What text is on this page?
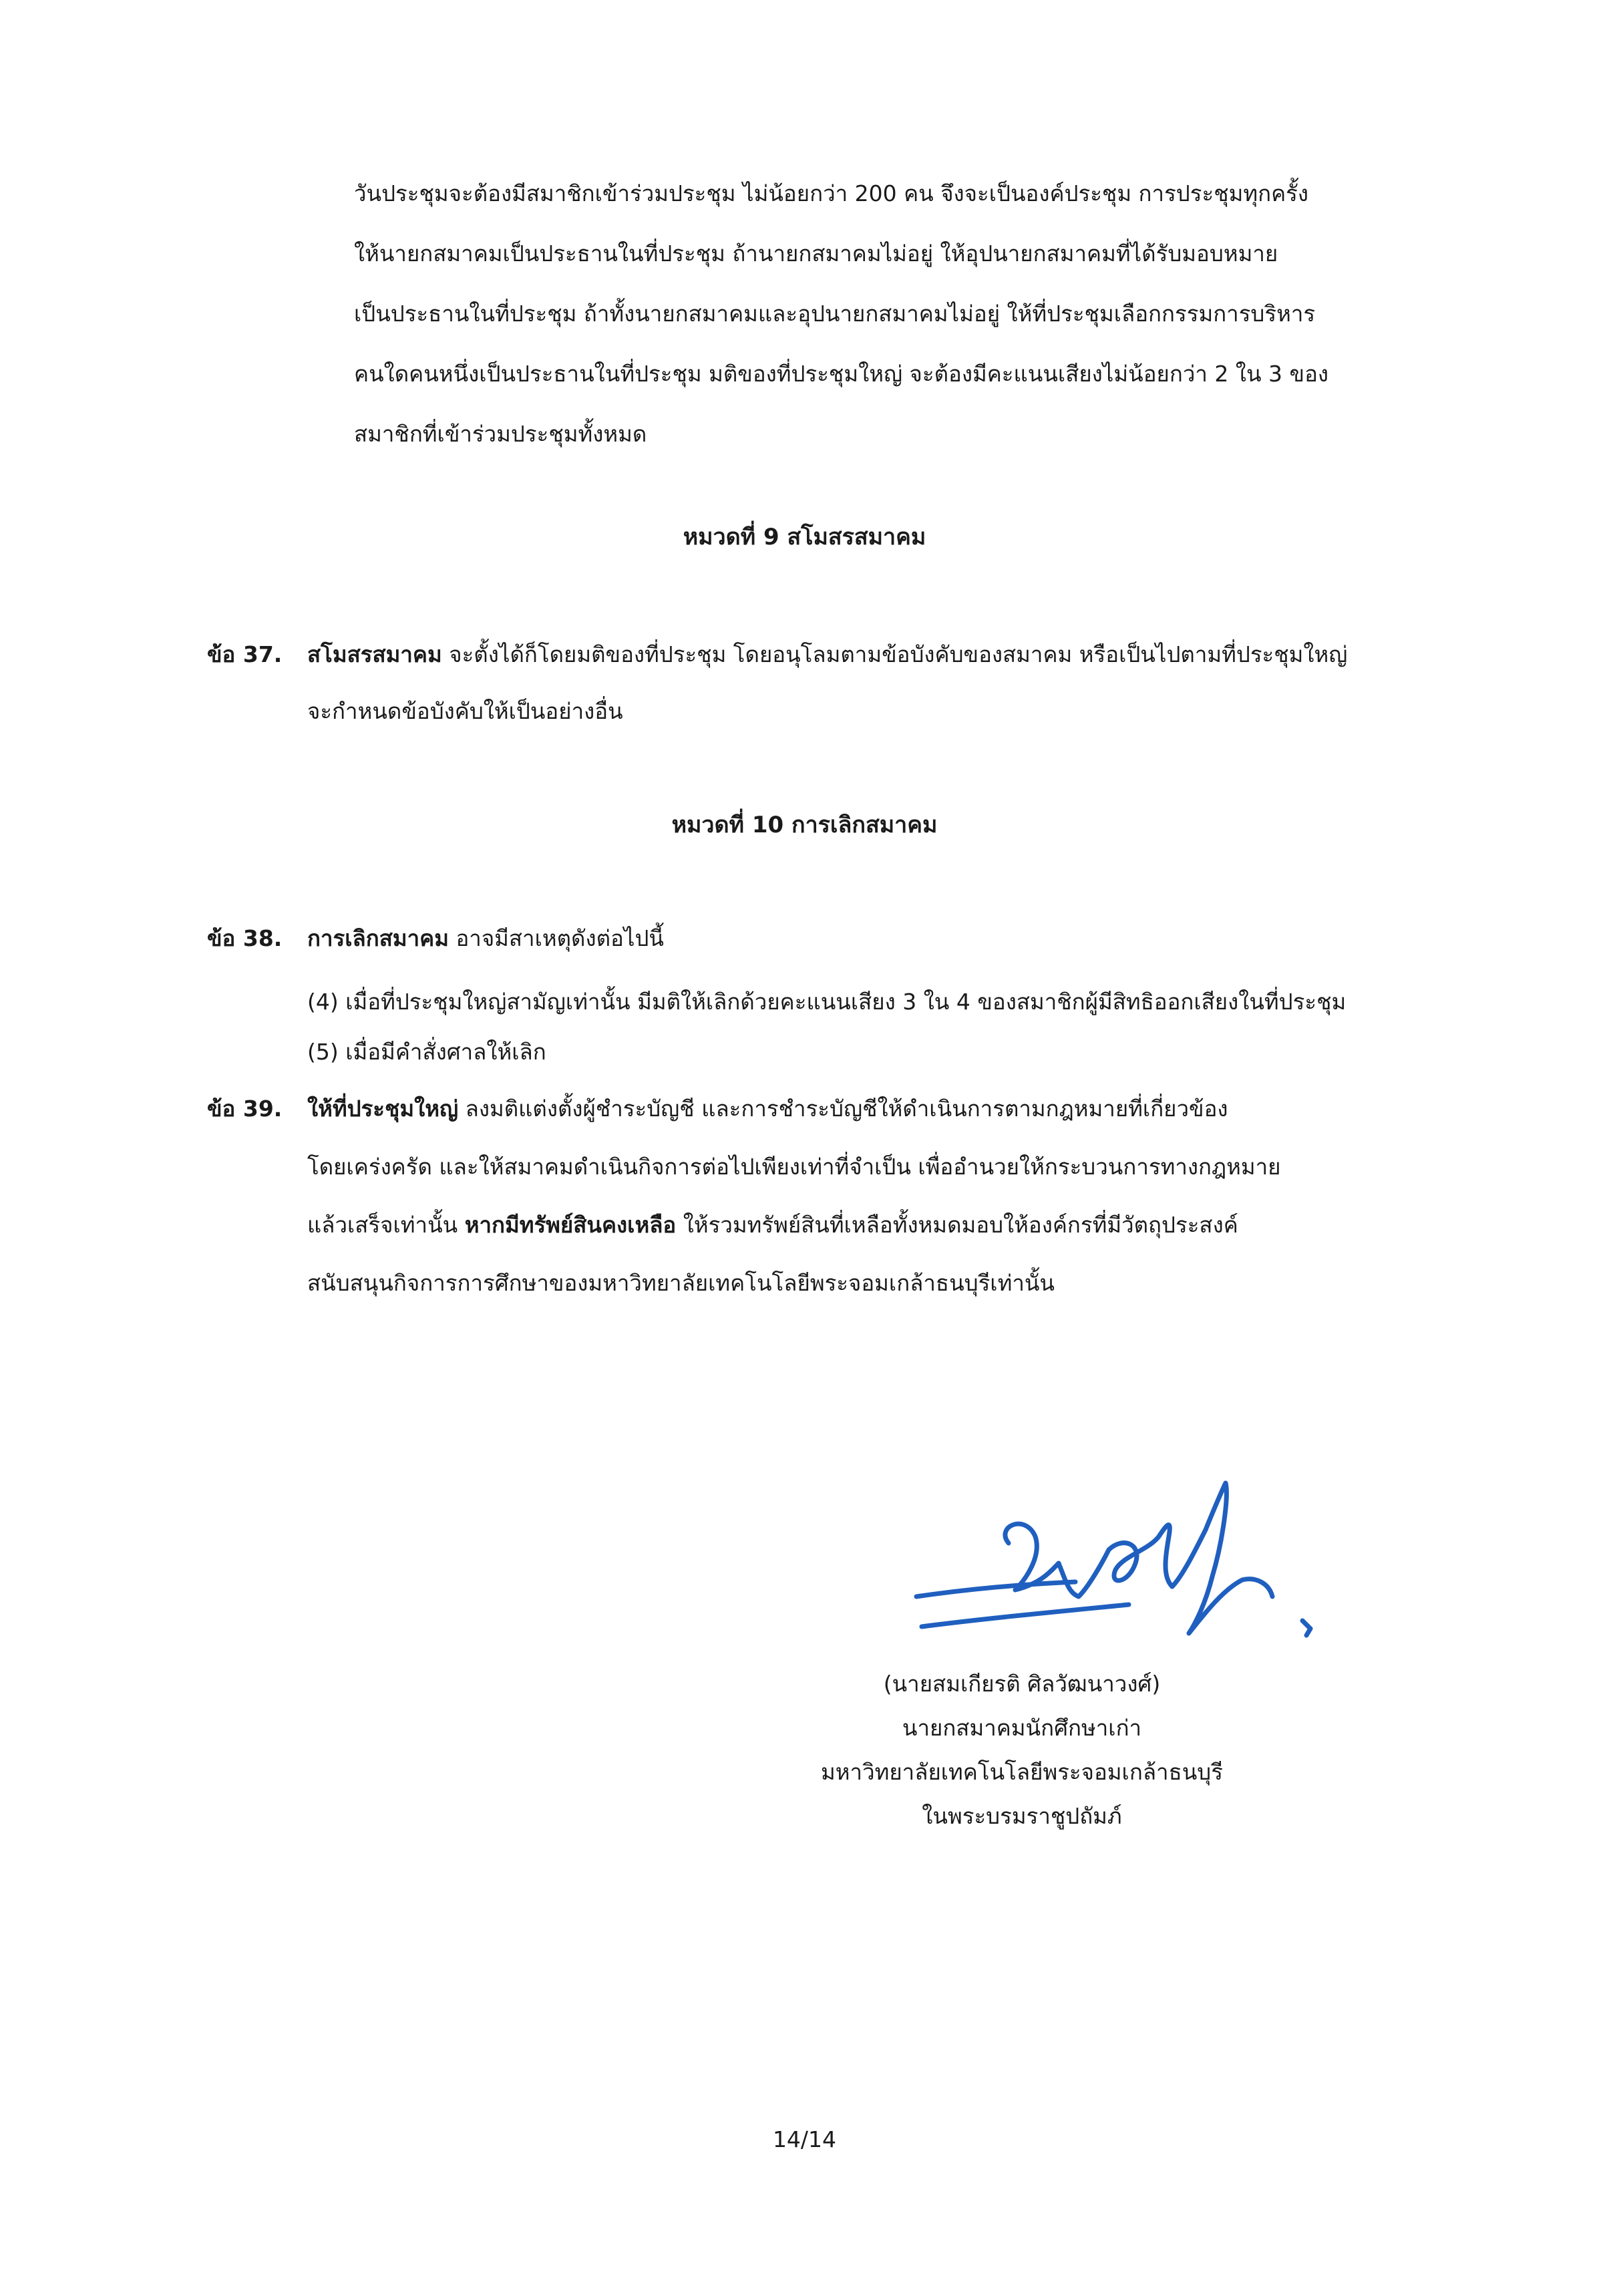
วันประชุมจะต้องมีสมาชิกเข้าร่วมประชุม ไม่น้อยกว่า 200 คน จึงจะเป็นองค์ประชุม การประชุมทุกครั้ง
ให้นายกสมาคมเป็นประธานในที่ประชุม ถ้านายกสมาคมไม่อยู่ ให้อุปนายกสมาคมที่ได้รับมอบหมาย
เป็นประธานในที่ประชุม ถ้าทั้งนายกสมาคมและอุปนายกสมาคมไม่อยู่ ให้ที่ประชุมเลือกกรรมการบริหาร
คนใดคนหนึ่งเป็นประธานในที่ประชุม มติของที่ประชุมใหญ่ จะต้องมีคะแนนเสียงไม่น้อยกว่า 2 ใน 3 ของ
สมาชิกที่เข้าร่วมประชุมทั้งหมด
หมวดที่ 9 สโมสรสมาคม
ข้อ 37. สโมสรสมาคม จะตั้งได้ก็โดยมติของที่ประชุม โดยอนุโลมตามข้อบังคับของสมาคม หรือเป็นไปตามที่ประชุมใหญ่
จะกำหนดข้อบังคับให้เป็นอย่างอื่น
หมวดที่ 10 การเลิกสมาคม
ข้อ 38. การเลิกสมาคม อาจมีสาเหตุดังต่อไปนี้
(4) เมื่อที่ประชุมใหญ่สามัญเท่านั้น มีมติให้เลิกด้วยคะแนนเสียง 3 ใน 4 ของสมาชิกผู้มีสิทธิออกเสียงในที่ประชุม
(5) เมื่อมีคำสั่งศาลให้เลิก
ข้อ 39. ให้ที่ประชุมใหญ่ ลงมติแต่งตั้งผู้ชำระบัญชี และการชำระบัญชีให้ดำเนินการตามกฎหมายที่เกี่ยวข้อง
โดยเคร่งครัด และให้สมาคมดำเนินกิจการต่อไปเพียงเท่าที่จำเป็น เพื่ออำนวยให้กระบวนการทางกฎหมาย
แล้วเสร็จเท่านั้น หากมีทรัพย์สินคงเหลือ ให้รวมทรัพย์สินที่เหลือทั้งหมดมอบให้องค์กรที่มีวัตถุประสงค์
สนับสนุนกิจการการศึกษาของมหาวิทยาลัยเทคโนโลยีพระจอมเกล้าธนบุรีเท่านั้น
(นายสมเกียรติ ศิลวัฒนาวงศ์)
นายกสมาคมนักศึกษาเก่า
มหาวิทยาลัยเทคโนโลยีพระจอมเกล้าธนบุรี
ในพระบรมราชูปถัมภ์
14/14
